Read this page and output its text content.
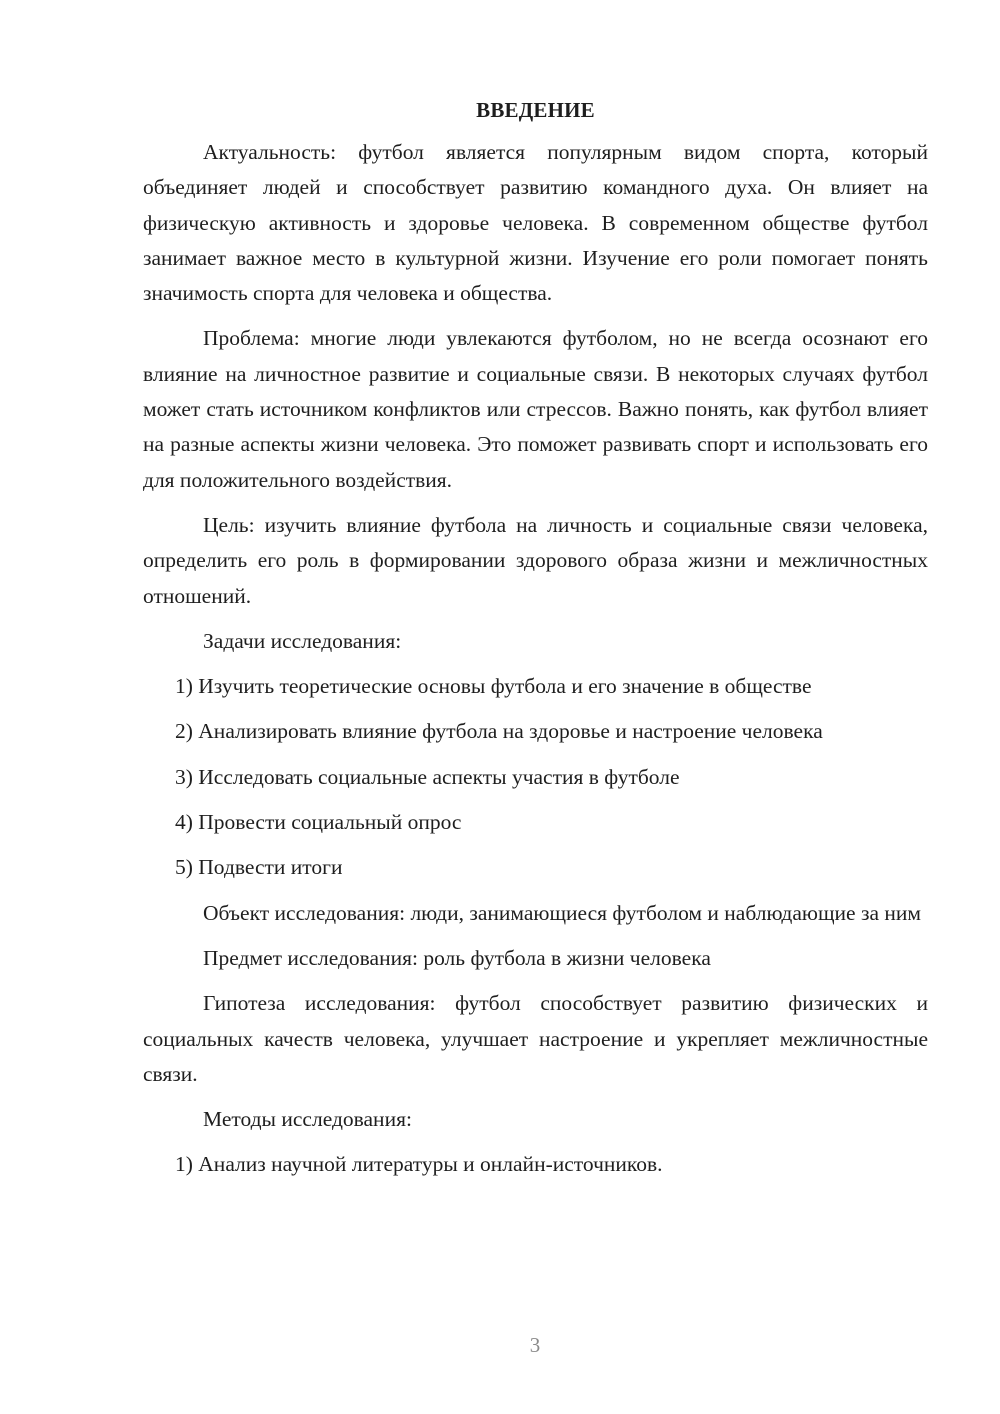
ВВЕДЕНИЕ

Актуальность: футбол является популярным видом спорта, который объединяет людей и способствует развитию командного духа. Он влияет на физическую активность и здоровье человека. В современном обществе футбол занимает важное место в культурной жизни. Изучение его роли помогает понять значимость спорта для человека и общества.

Проблема: многие люди увлекаются футболом, но не всегда осознают его влияние на личностное развитие и социальные связи. В некоторых случаях футбол может стать источником конфликтов или стрессов. Важно понять, как футбол влияет на разные аспекты жизни человека. Это поможет развивать спорт и использовать его для положительного воздействия.

Цель: изучить влияние футбола на личность и социальные связи человека, определить его роль в формировании здорового образа жизни и межличностных отношений.

Задачи исследования:

1) Изучить теоретические основы футбола и его значение в обществе

2) Анализировать влияние футбола на здоровье и настроение человека

3) Исследовать социальные аспекты участия в футболе

4) Провести социальный опрос

5) Подвести итоги

Объект исследования: люди, занимающиеся футболом и наблюдающие за ним

Предмет исследования: роль футбола в жизни человека

Гипотеза исследования: футбол способствует развитию физических и социальных качеств человека, улучшает настроение и укрепляет межличностные связи.

Методы исследования:

1) Анализ научной литературы и онлайн-источников.

3
